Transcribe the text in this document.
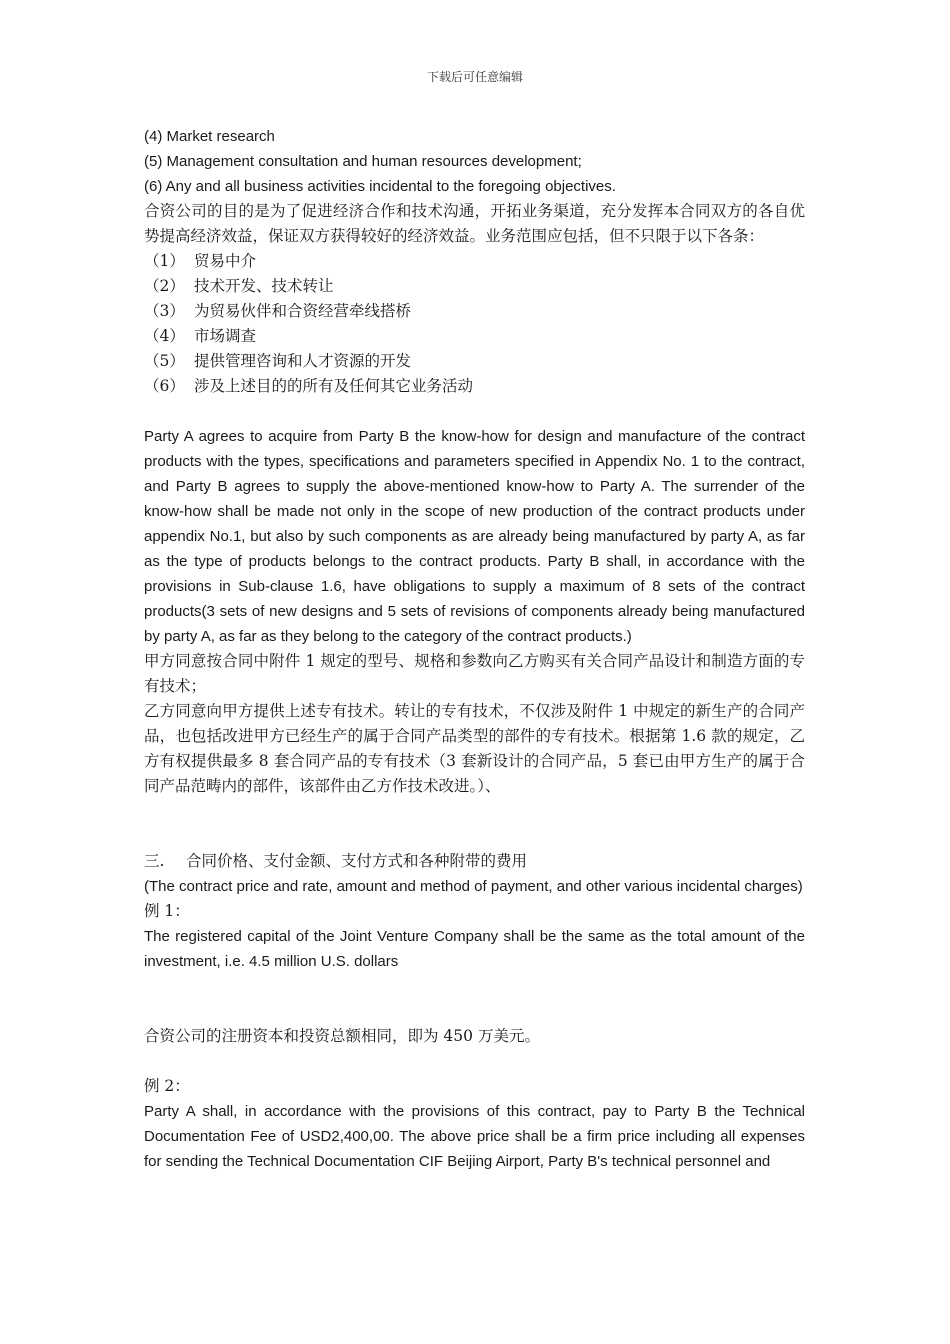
下载后可任意编辑

(4) Market research

(5) Management consultation and human resources development;

(6) Any and all business activities incidental to the foregoing objectives.

合资公司的目的是为了促进经济合作和技术沟通，开拓业务渠道，充分发挥本合同双方的各自优势提高经济效益，保证双方获得较好的经济效益。业务范围应包括，但不只限于以下各条：

（1） 贸易中介

（2） 技术开发、技术转让

（3） 为贸易伙伴和合资经营牵线搭桥

（4） 市场调查

（5） 提供管理咨询和人才资源的开发

（6） 涉及上述目的的所有及任何其它业务活动

Party A agrees to acquire from Party B the know-how for design and manufacture of the contract products with the types, specifications and parameters specified in Appendix No. 1 to the contract, and Party B agrees to supply the above-mentioned know-how to Party A. The surrender of the know-how shall be made not only in the scope of new production of the contract products under appendix No.1, but also by such components as are already being manufactured by party A, as far as the type of products belongs to the contract products. Party B shall, in accordance with the provisions in Sub-clause 1.6, have obligations to supply a maximum of 8 sets of the contract products(3 sets of new designs and 5 sets of revisions of components already being manufactured by party A, as far as they belong to the category of the contract products.)

甲方同意按合同中附件 1 规定的型号、规格和参数向乙方购买有关合同产品设计和制造方面的专有技术；

乙方同意向甲方提供上述专有技术。转让的专有技术，不仅涉及附件 1 中规定的新生产的合同产品，也包括改进甲方已经生产的属于合同产品类型的部件的专有技术。根据第 1.6 款的规定，乙方有权提供最多 8 套合同产品的专有技术（3 套新设计的合同产品，5 套已由甲方生产的属于合同产品范畴内的部件，该部件由乙方作技术改进。）、

三. 合同价格、支付金额、支付方式和各种附带的费用

(The contract price and rate, amount and method of payment, and other various incidental charges)

例 1：

The registered capital of the Joint Venture Company shall be the same as the total amount of the investment, i.e. 4.5 million U.S. dollars

合资公司的注册资本和投资总额相同，即为 450 万美元。

例 2：

Party A shall, in accordance with the provisions of this contract, pay to Party B the Technical Documentation Fee of USD2,400,00. The above price shall be a firm price including all expenses for sending the Technical Documentation CIF Beijing Airport, Party B's technical personnel and
